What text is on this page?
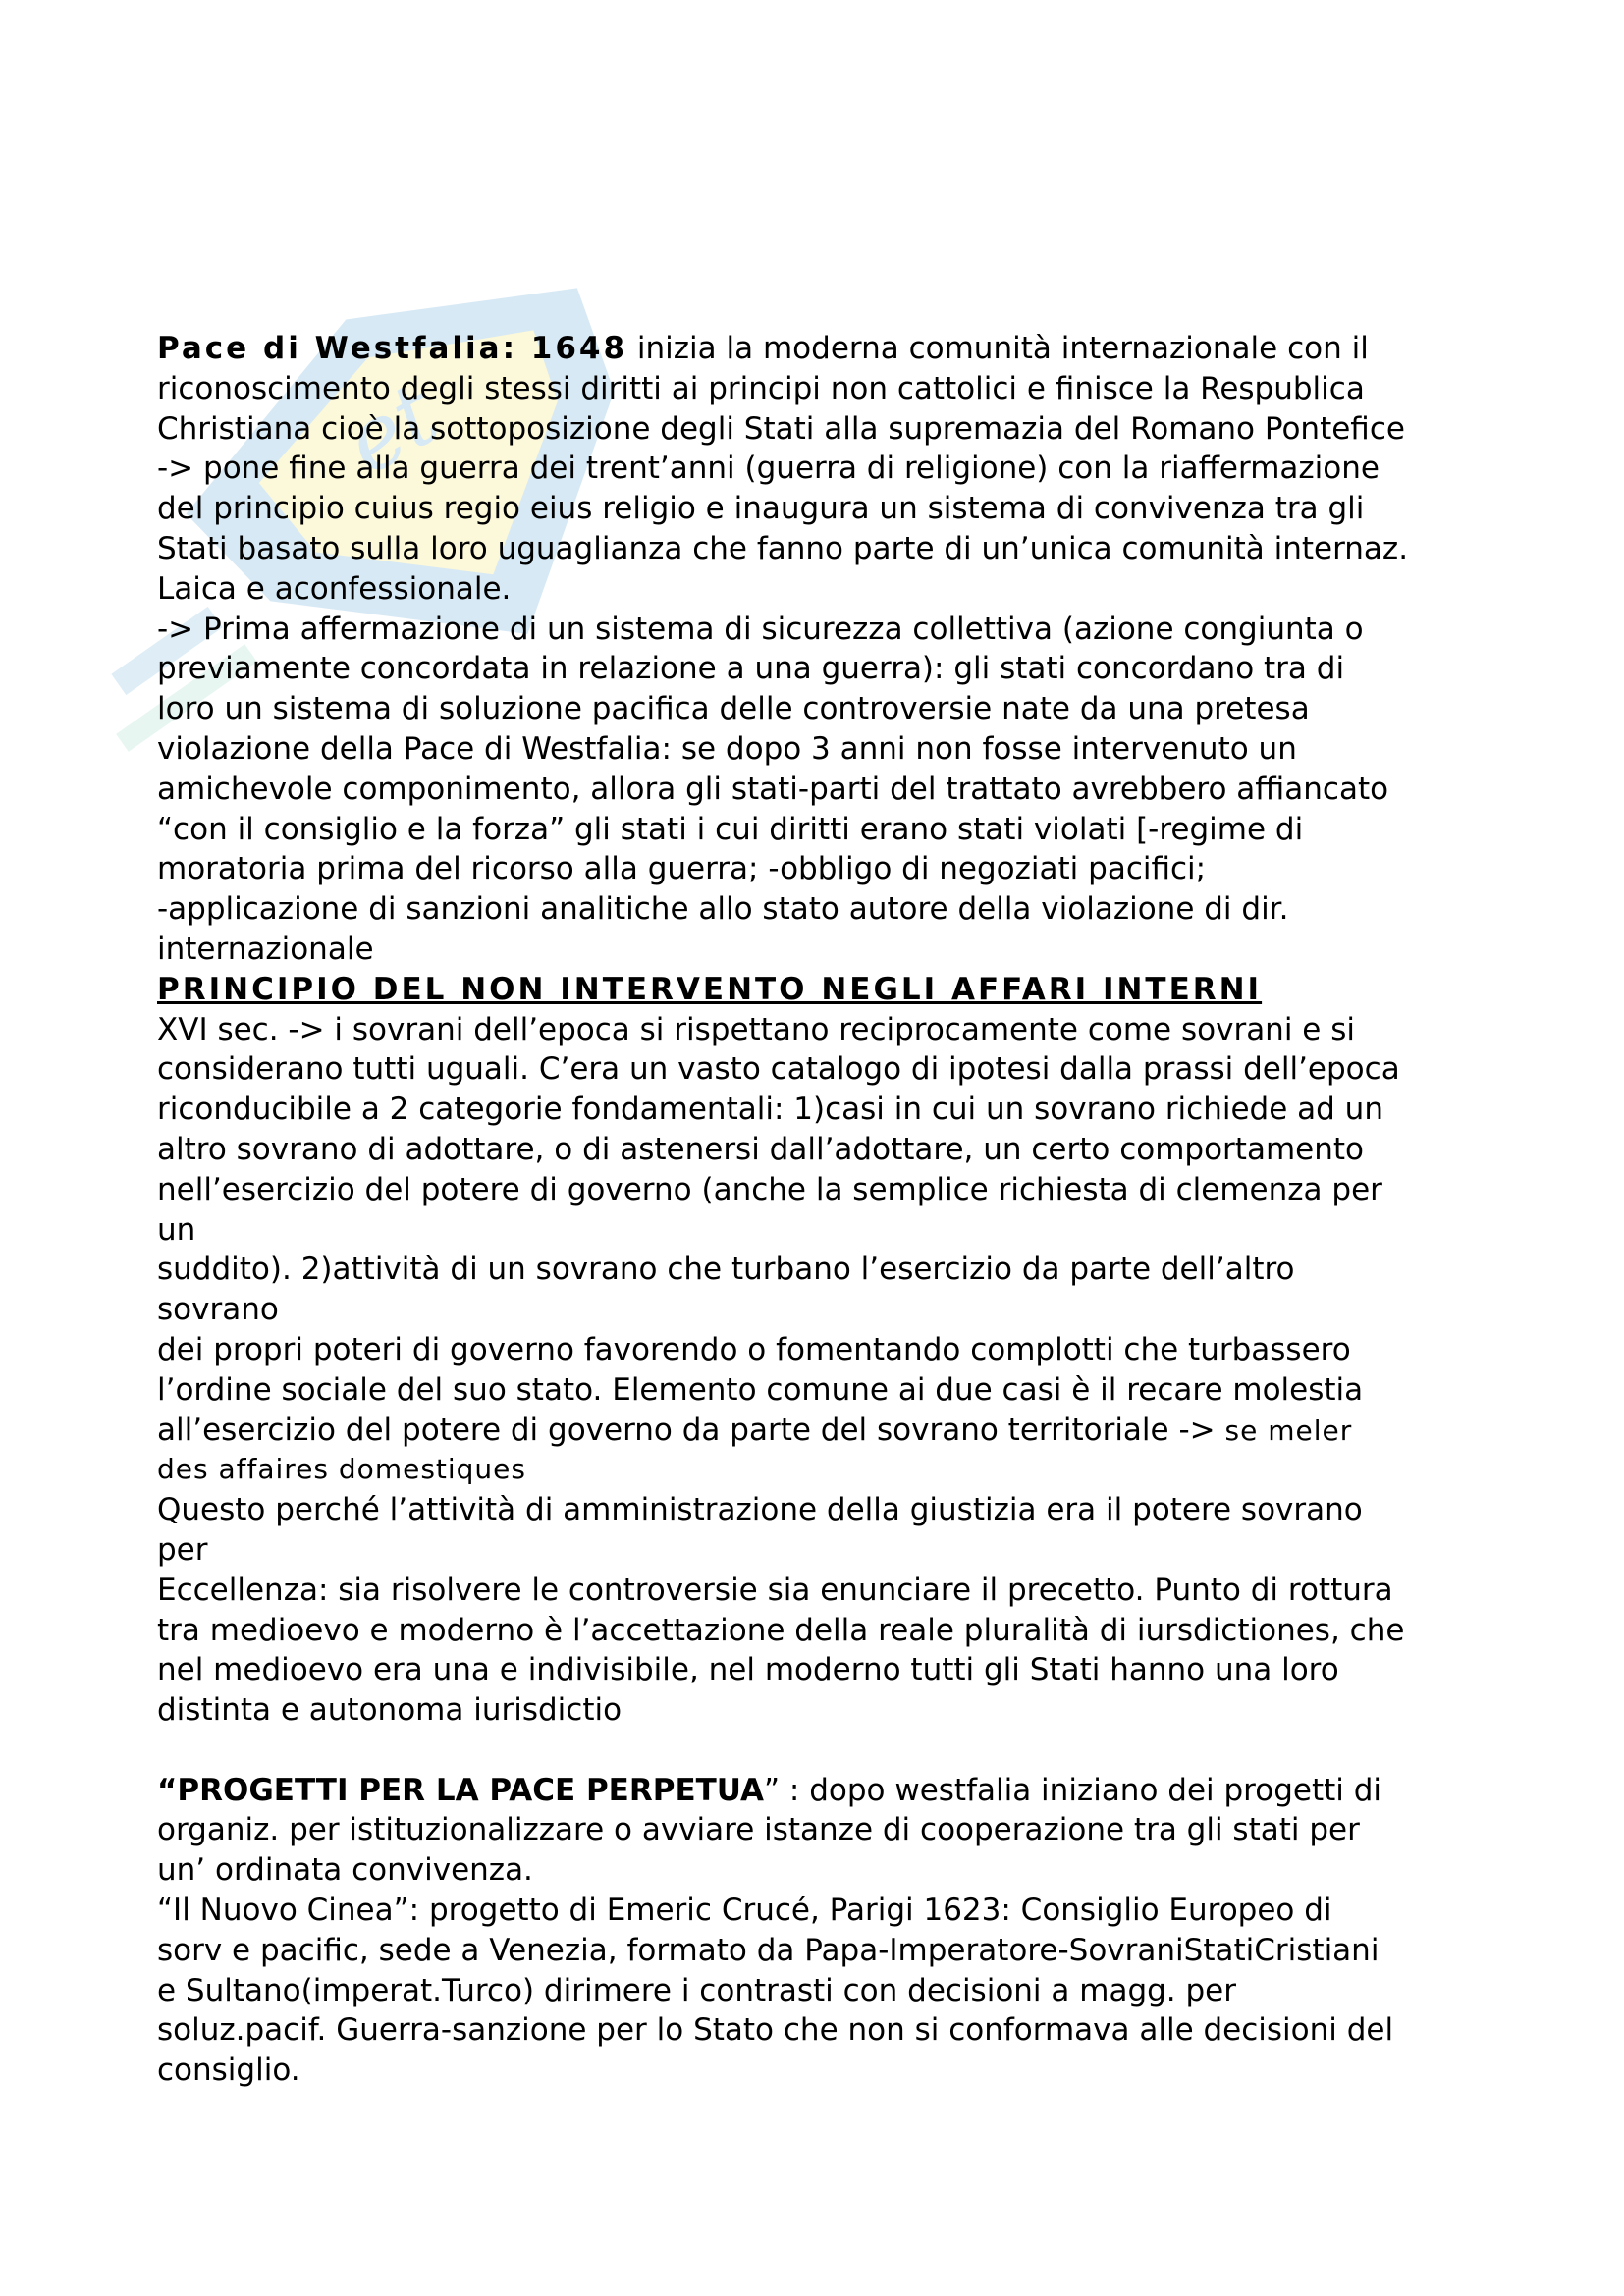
et
Pace di Westfalia: 1648 inizia la moderna comunità internazionale con il
riconoscimento degli stessi diritti ai principi non cattolici e finisce la Respublica
Christiana cioè la sottoposizione degli Stati alla supremazia del Romano Pontefice
-> pone fine alla guerra dei trent’anni (guerra di religione) con la riaffermazione
del principio cuius regio eius religio e inaugura un sistema di convivenza tra gli
Stati basato sulla loro uguaglianza che fanno parte di un’unica comunità internaz.
Laica e aconfessionale.
-> Prima affermazione di un sistema di sicurezza collettiva (azione congiunta o
previamente concordata in relazione a una guerra): gli stati concordano tra di
loro un sistema di soluzione pacifica delle controversie nate da una pretesa
violazione della Pace di Westfalia: se dopo 3 anni non fosse intervenuto un
amichevole componimento, allora gli stati-parti del trattato avrebbero affiancato
“con il consiglio e la forza” gli stati i cui diritti erano stati violati [-regime di
moratoria prima del ricorso alla guerra; -obbligo di negoziati pacifici;
-applicazione di sanzioni analitiche allo stato autore della violazione di dir.
internazionale
PRINCIPIO DEL NON INTERVENTO NEGLI AFFARI INTERNI
XVI sec. -> i sovrani dell’epoca si rispettano reciprocamente come sovrani e si
considerano tutti uguali. C’era un vasto catalogo di ipotesi dalla prassi dell’epoca
riconducibile a 2 categorie fondamentali: 1)casi in cui un sovrano richiede ad un
altro sovrano di adottare, o di astenersi dall’adottare, un certo comportamento
nell’esercizio del potere di governo (anche la semplice richiesta di clemenza per
un
suddito). 2)attività di un sovrano che turbano l’esercizio da parte dell’altro
sovrano
dei propri poteri di governo favorendo o fomentando complotti che turbassero
l’ordine sociale del suo stato. Elemento comune ai due casi è il recare molestia
all’esercizio del potere di governo da parte del sovrano territoriale -> se meler
des affaires domestiques
Questo perché l’attività di amministrazione della giustizia era il potere sovrano
per
Eccellenza: sia risolvere le controversie sia enunciare il precetto. Punto di rottura
tra medioevo e moderno è l’accettazione della reale pluralità di iursdictiones, che
nel medioevo era una e indivisibile, nel moderno tutti gli Stati hanno una loro
distinta e autonoma iurisdictio
“PROGETTI PER LA PACE PERPETUA” : dopo westfalia iniziano dei progetti di
organiz. per istituzionalizzare o avviare istanze di cooperazione tra gli stati per
un’ ordinata convivenza.
“Il Nuovo Cinea”: progetto di Emeric Crucé, Parigi 1623: Consiglio Europeo di
sorv e pacific, sede a Venezia, formato da Papa-Imperatore-SovraniStatiCristiani
e Sultano(imperat.Turco) dirimere i contrasti con decisioni a magg. per
soluz.pacif. Guerra-sanzione per lo Stato che non si conformava alle decisioni del
consiglio.
